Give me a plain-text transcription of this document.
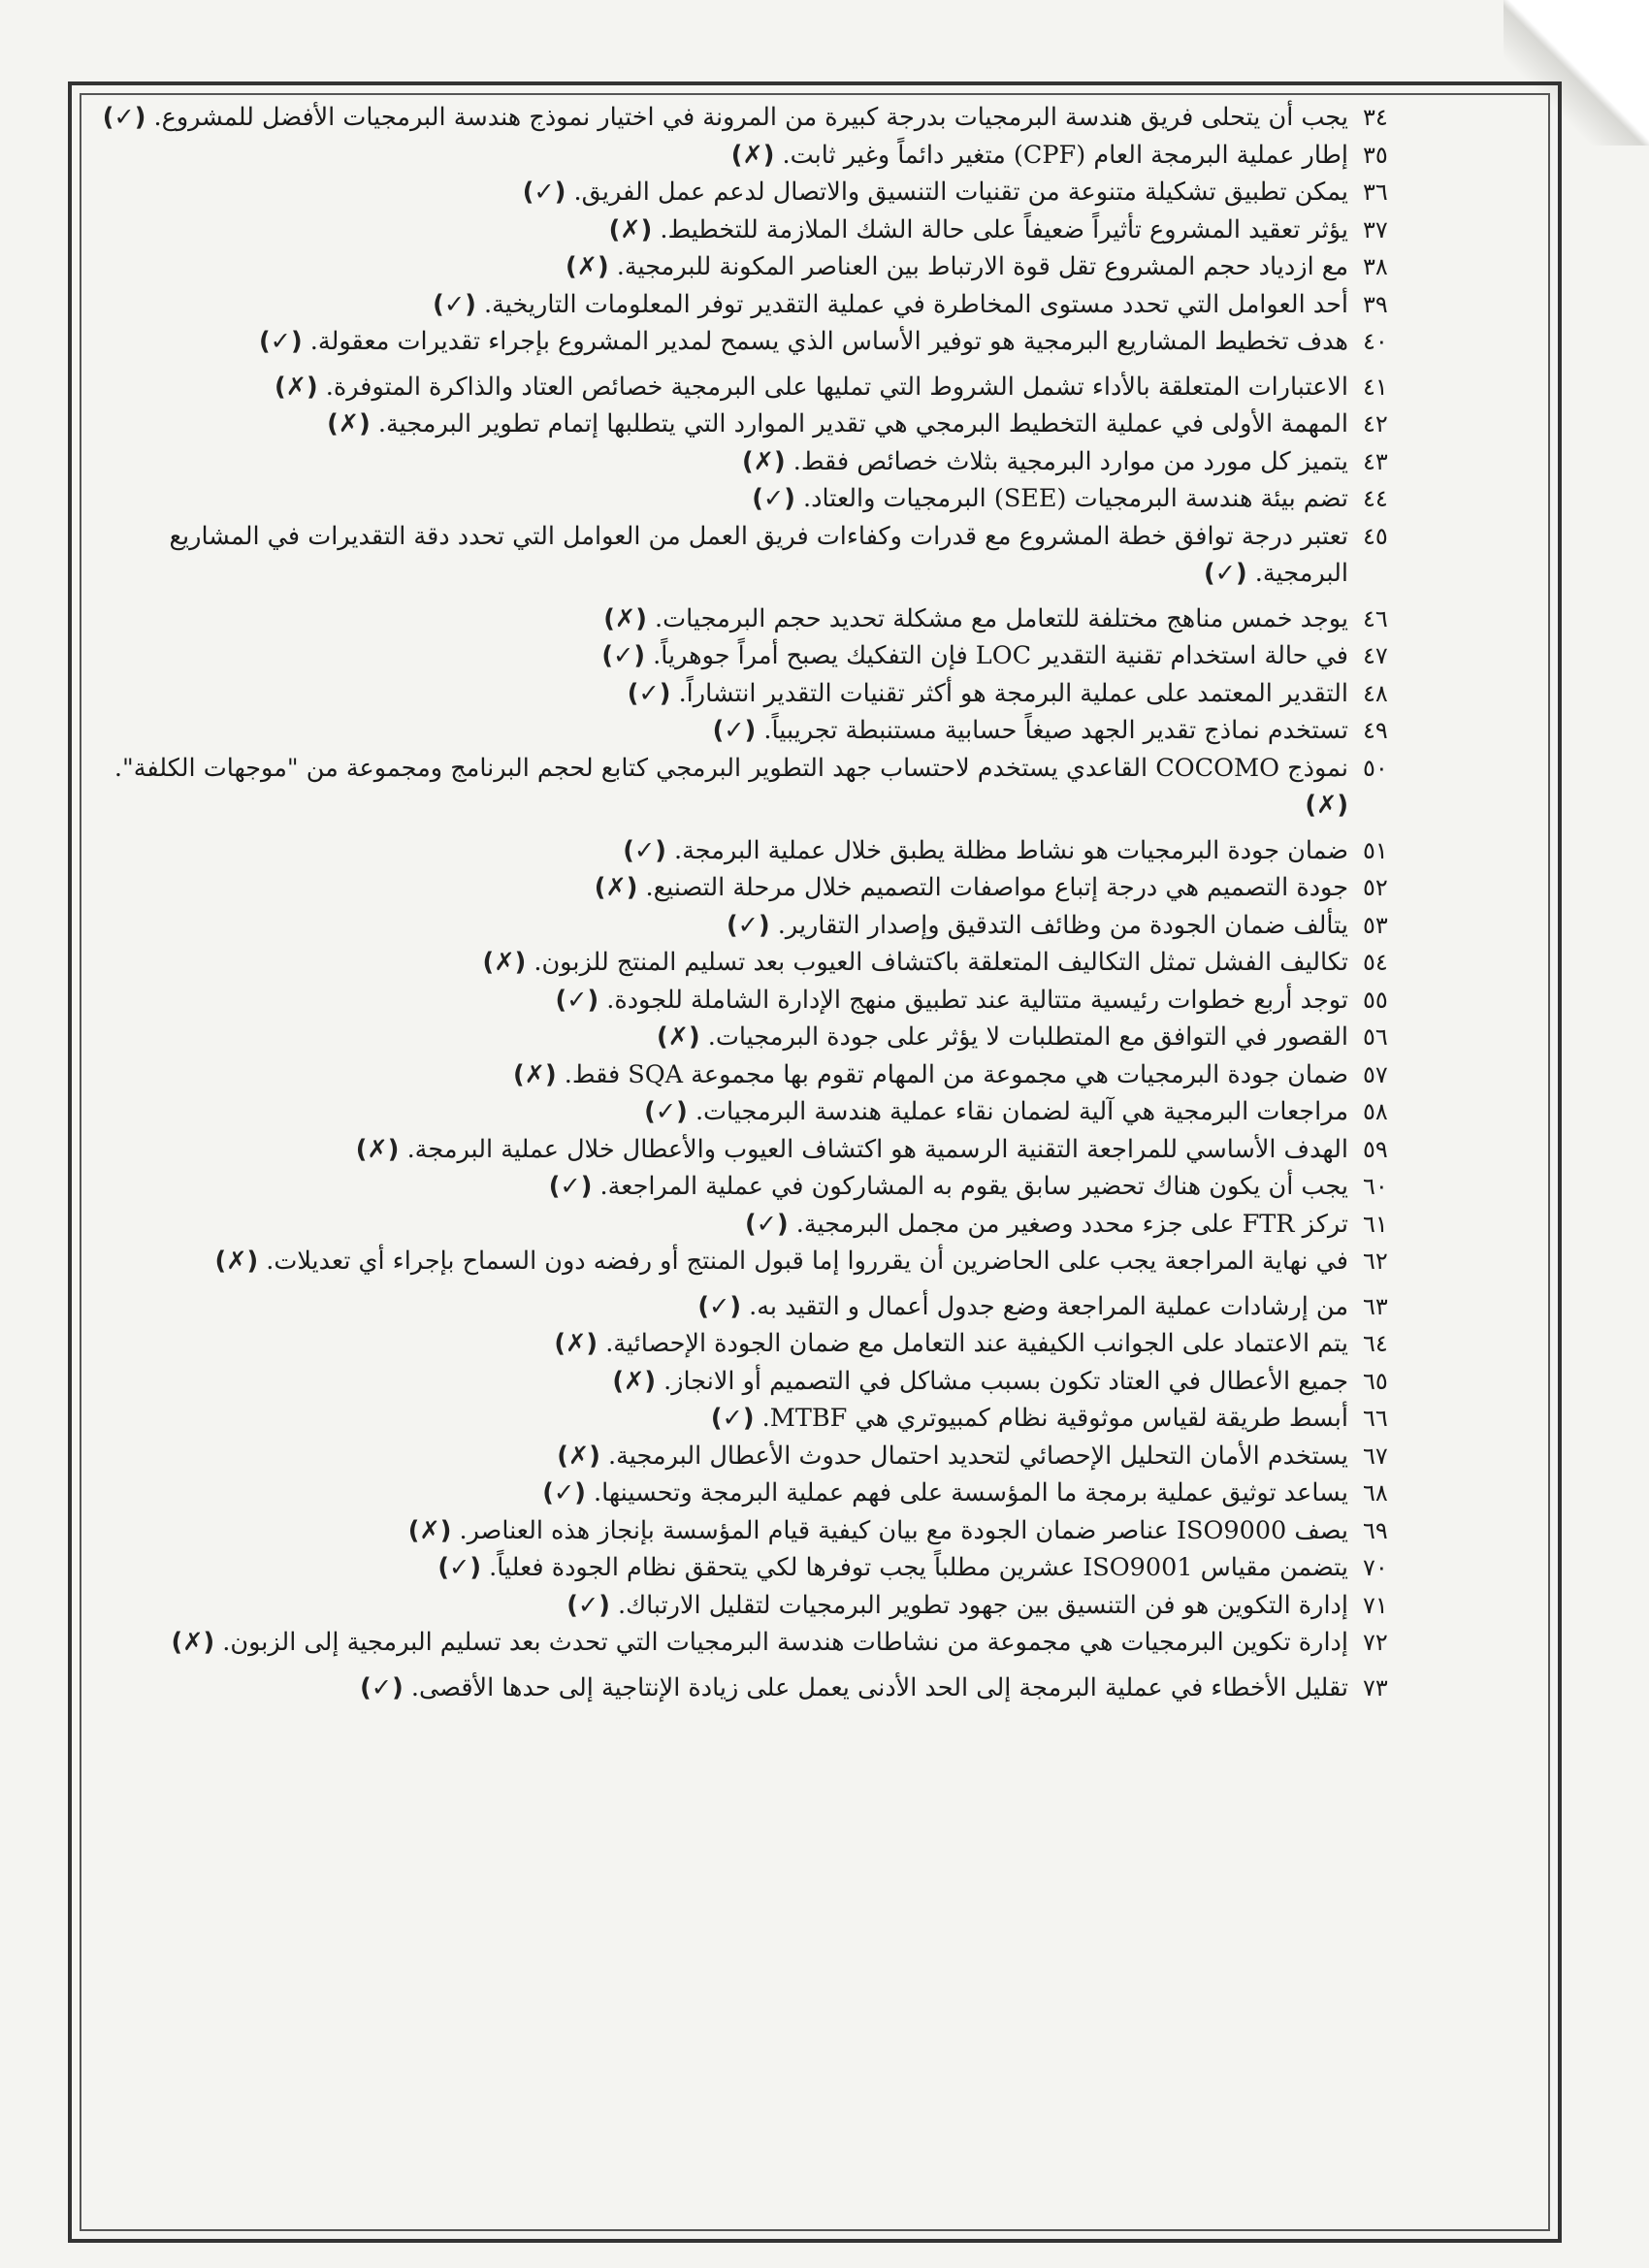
٣٤
يجب أن يتحلى فريق هندسة البرمجيات بدرجة كبيرة من المرونة في اختيار نموذج هندسة البرمجيات الأفضل للمشروع. (✓)
٣٥
إطار عملية البرمجة العام (CPF) متغير دائماً وغير ثابت. (✗)
٣٦
يمكن تطبيق تشكيلة متنوعة من تقنيات التنسيق والاتصال لدعم عمل الفريق. (✓)
٣٧
يؤثر تعقيد المشروع تأثيراً ضعيفاً على حالة الشك الملازمة للتخطيط. (✗)
٣٨
مع ازدياد حجم المشروع تقل قوة الارتباط بين العناصر المكونة للبرمجية. (✗)
٣٩
أحد العوامل التي تحدد مستوى المخاطرة في عملية التقدير توفر المعلومات التاريخية. (✓)
٤٠
هدف تخطيط المشاريع البرمجية هو توفير الأساس الذي يسمح لمدير المشروع بإجراء تقديرات معقولة. (✓)
٤١
الاعتبارات المتعلقة بالأداء تشمل الشروط التي تمليها على البرمجية خصائص العتاد والذاكرة المتوفرة. (✗)
٤٢
المهمة الأولى في عملية التخطيط البرمجي هي تقدير الموارد التي يتطلبها إتمام تطوير البرمجية. (✗)
٤٣
يتميز كل مورد من موارد البرمجية بثلاث خصائص فقط. (✗)
٤٤
تضم بيئة هندسة البرمجيات (SEE) البرمجيات والعتاد. (✓)
٤٥
تعتبر درجة توافق خطة المشروع مع قدرات وكفاءات فريق العمل من العوامل التي تحدد دقة التقديرات في المشاريع البرمجية. (✓)
٤٦
يوجد خمس مناهج مختلفة للتعامل مع مشكلة تحديد حجم البرمجيات. (✗)
٤٧
في حالة استخدام تقنية التقدير LOC فإن التفكيك يصبح أمراً جوهرياً. (✓)
٤٨
التقدير المعتمد على عملية البرمجة هو أكثر تقنيات التقدير انتشاراً. (✓)
٤٩
تستخدم نماذج تقدير الجهد صيغاً حسابية مستنبطة تجريبياً. (✓)
٥٠
نموذج COCOMO القاعدي يستخدم لاحتساب جهد التطوير البرمجي كتابع لحجم البرنامج ومجموعة من "موجهات الكلفة". (✗)
٥١
ضمان جودة البرمجيات هو نشاط مظلة يطبق خلال عملية البرمجة. (✓)
٥٢
جودة التصميم هي درجة إتباع مواصفات التصميم خلال مرحلة التصنيع. (✗)
٥٣
يتألف ضمان الجودة من وظائف التدقيق وإصدار التقارير. (✓)
٥٤
تكاليف الفشل تمثل التكاليف المتعلقة باكتشاف العيوب بعد تسليم المنتج للزبون. (✗)
٥٥
توجد أربع خطوات رئيسية متتالية عند تطبيق منهج الإدارة الشاملة للجودة. (✓)
٥٦
القصور في التوافق مع المتطلبات لا يؤثر على جودة البرمجيات. (✗)
٥٧
ضمان جودة البرمجيات هي مجموعة من المهام تقوم بها مجموعة SQA فقط. (✗)
٥٨
مراجعات البرمجية هي آلية لضمان نقاء عملية هندسة البرمجيات. (✓)
٥٩
الهدف الأساسي للمراجعة التقنية الرسمية هو اكتشاف العيوب والأعطال خلال عملية البرمجة. (✗)
٦٠
يجب أن يكون هناك تحضير سابق يقوم به المشاركون في عملية المراجعة. (✓)
٦١
تركز FTR على جزء محدد وصغير من مجمل البرمجية. (✓)
٦٢
في نهاية المراجعة يجب على الحاضرين أن يقرروا إما قبول المنتج أو رفضه دون السماح بإجراء أي تعديلات. (✗)
٦٣
من إرشادات عملية المراجعة وضع جدول أعمال و التقيد به. (✓)
٦٤
يتم الاعتماد على الجوانب الكيفية عند التعامل مع ضمان الجودة الإحصائية. (✗)
٦٥
جميع الأعطال في العتاد تكون بسبب مشاكل في التصميم أو الانجاز. (✗)
٦٦
أبسط طريقة لقياس موثوقية نظام كمبيوتري هي MTBF. (✓)
٦٧
يستخدم الأمان التحليل الإحصائي لتحديد احتمال حدوث الأعطال البرمجية. (✗)
٦٨
يساعد توثيق عملية برمجة ما المؤسسة على فهم عملية البرمجة وتحسينها. (✓)
٦٩
يصف ISO9000 عناصر ضمان الجودة مع بيان كيفية قيام المؤسسة بإنجاز هذه العناصر. (✗)
٧٠
يتضمن مقياس ISO9001 عشرين مطلباً يجب توفرها لكي يتحقق نظام الجودة فعلياً. (✓)
٧١
إدارة التكوين هو فن التنسيق بين جهود تطوير البرمجيات لتقليل الارتباك. (✓)
٧٢
إدارة تكوين البرمجيات هي مجموعة من نشاطات هندسة البرمجيات التي تحدث بعد تسليم البرمجية إلى الزبون. (✗)
٧٣
تقليل الأخطاء في عملية البرمجة إلى الحد الأدنى يعمل على زيادة الإنتاجية إلى حدها الأقصى. (✓)
